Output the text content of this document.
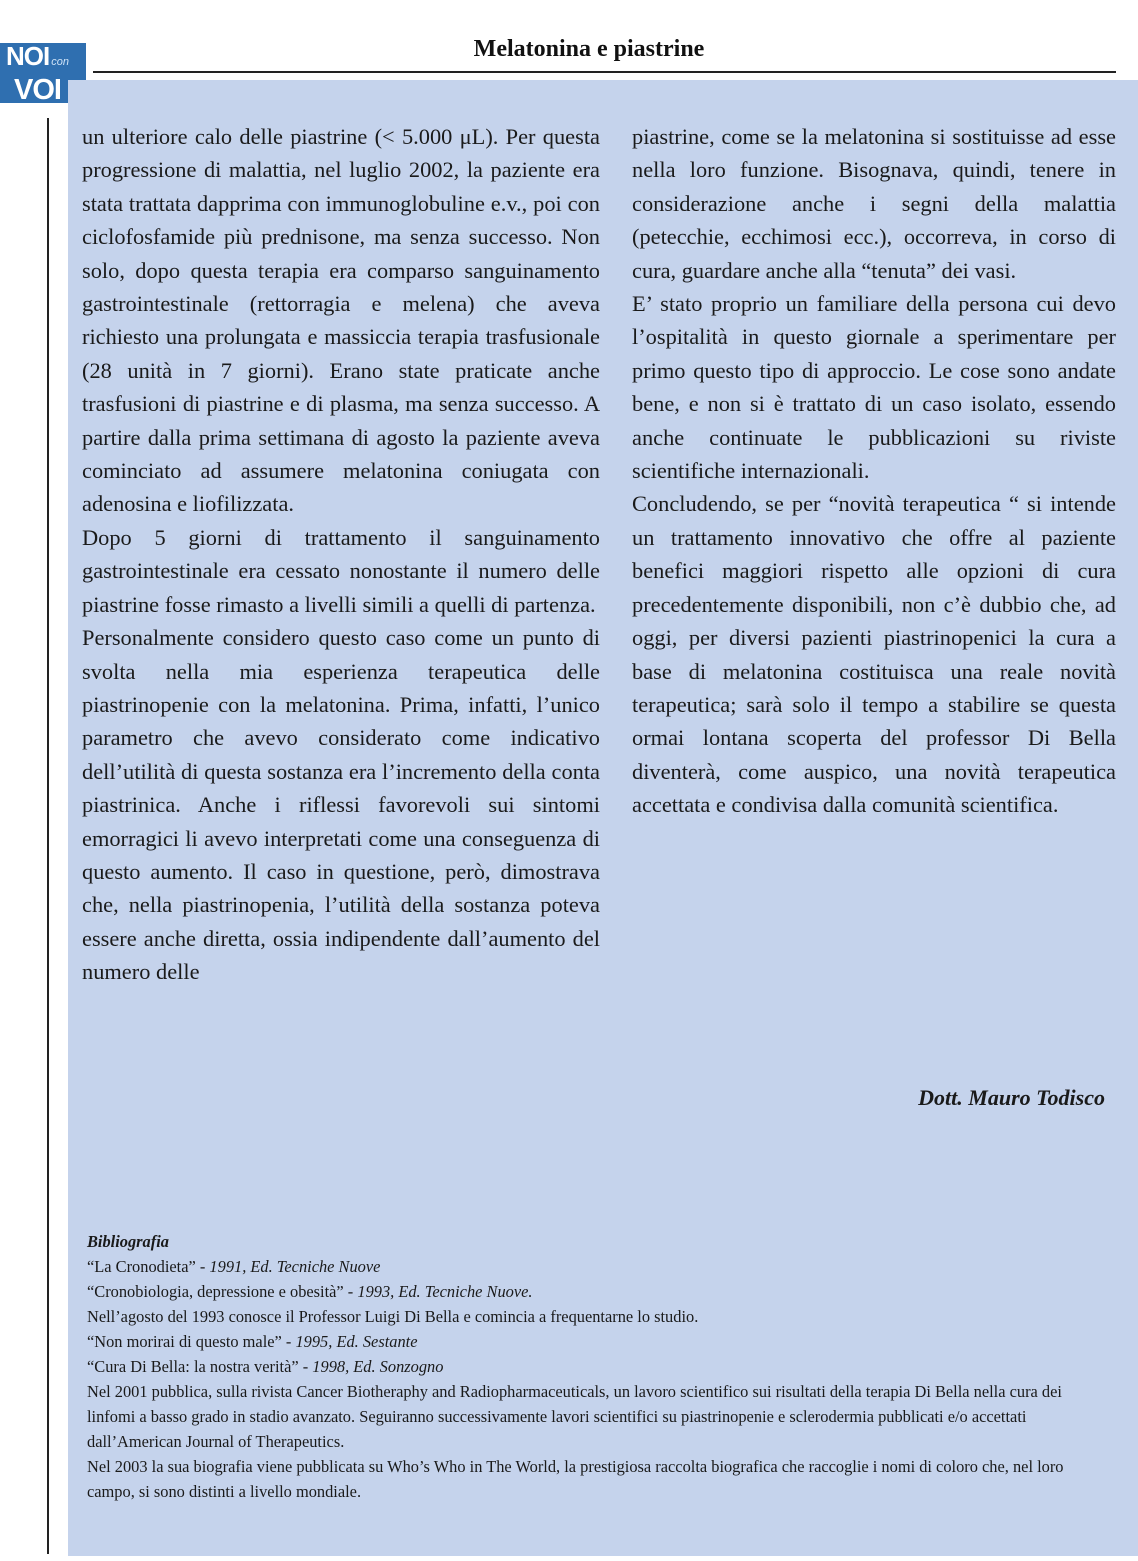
NOI con
VOI
Melatonina e piastrine

un ulteriore calo delle piastrine (< 5.000 μL). Per questa progressione di malattia, nel luglio 2002, la paziente era stata trattata dapprima con immunoglobuline e.v., poi con ciclofosfamide più prednisone, ma senza successo. Non solo, dopo questa terapia era comparso sanguinamento gastrointestinale (rettorragia e melena) che aveva richiesto una prolungata e massiccia terapia trasfusionale (28 unità in 7 giorni). Erano state praticate anche trasfusioni di piastrine e di plasma, ma senza successo. A partire dalla prima settimana di agosto la paziente aveva cominciato ad assumere melatonina coniugata con adenosina e liofilizzata.

Dopo 5 giorni di trattamento il sanguinamento gastrointestinale era cessato nonostante il numero delle piastrine fosse rimasto a livelli simili a quelli di partenza.

Personalmente considero questo caso come un punto di svolta nella mia esperienza terapeutica delle piastrinopenie con la melatonina. Prima, infatti, l’unico parametro che avevo considerato come indicativo dell’utilità di questa sostanza era l’incremento della conta piastrinica. Anche i riflessi favorevoli sui sintomi emorragici li avevo interpretati come una conseguenza di questo aumento. Il caso in questione, però, dimostrava che, nella piastrinopenia, l’utilità della sostanza poteva essere anche diretta, ossia indipendente dall’aumento del numero delle

piastrine, come se la melatonina si sostituisse ad esse nella loro funzione. Bisognava, quindi, tenere in considerazione anche i segni della malattia (petecchie, ecchimosi ecc.), occorreva, in corso di cura, guardare anche alla “tenuta” dei vasi.

E’ stato proprio un familiare della persona cui devo l’ospitalità in questo giornale a sperimentare per primo questo tipo di approccio. Le cose sono andate bene, e non si è trattato di un caso isolato, essendo anche continuate le pubblicazioni su riviste scientifiche internazionali.

Concludendo, se per “novità terapeutica “ si intende un trattamento innovativo che offre al paziente benefici maggiori rispetto alle opzioni di cura precedentemente disponibili, non c’è dubbio che, ad oggi, per diversi pazienti piastrinopenici la cura a base di melatonina costituisca una reale novità terapeutica; sarà solo il tempo a stabilire se questa ormai lontana scoperta del professor Di Bella diventerà, come auspico, una novità terapeutica accettata e condivisa dalla comunità scientifica.

Dott. Mauro Todisco
Bibliografia

“La Cronodieta” - 1991, Ed. Tecniche Nuove

“Cronobiologia, depressione e obesità” - 1993, Ed. Tecniche Nuove.

Nell’agosto del 1993 conosce il Professor Luigi Di Bella e comincia a frequentarne lo studio.

“Non morirai di questo male” - 1995, Ed. Sestante

“Cura Di Bella: la nostra verità” - 1998, Ed. Sonzogno

Nel 2001 pubblica, sulla rivista Cancer Biotheraphy and Radiopharmaceuticals, un lavoro scientifico sui risultati della terapia Di Bella nella cura dei linfomi a basso grado in stadio avanzato. Seguiranno successivamente lavori scientifici su piastrinopenie e sclerodermia pubblicati e/o accettati dall’American Journal of Therapeutics.

Nel 2003 la sua biografia viene pubblicata su Who’s Who in The World, la prestigiosa raccolta biografica che raccoglie i nomi di coloro che, nel loro campo, si sono distinti a livello mondiale.
